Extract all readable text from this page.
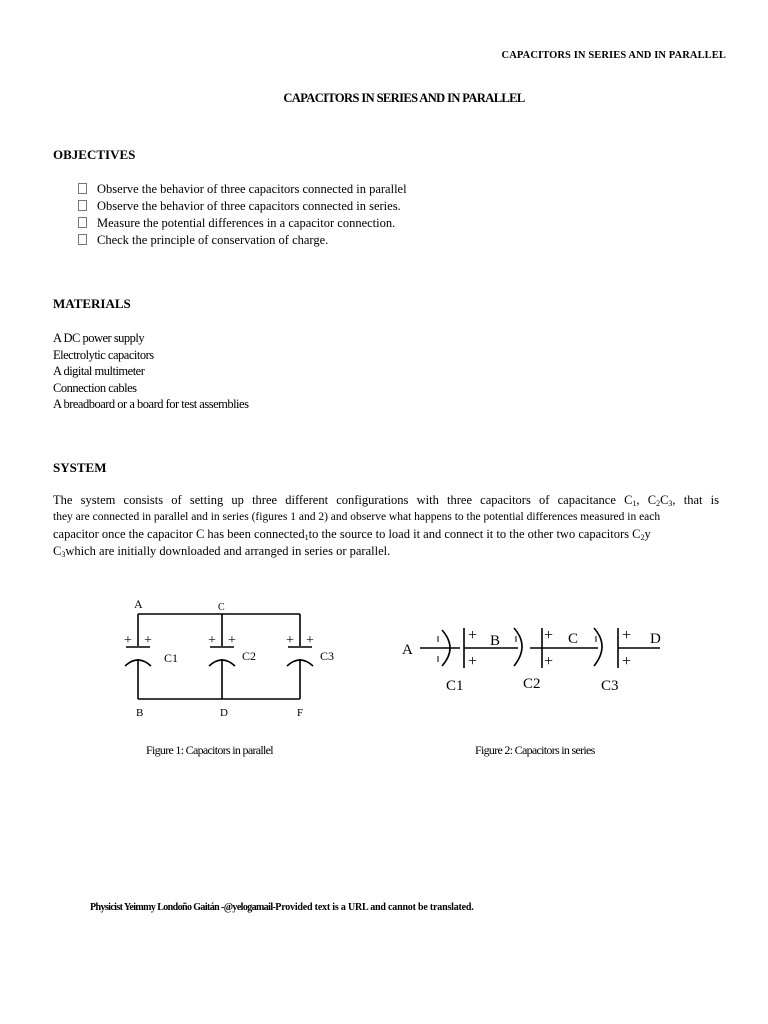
CAPACITORS IN SERIES AND IN PARALLEL
CAPACITORS IN SERIES AND IN PARALLEL
OBJECTIVES
Observe the behavior of three capacitors connected in parallel
Observe the behavior of three capacitors connected in series.
Measure the potential differences in a capacitor connection.
Check the principle of conservation of charge.
MATERIALS
A DC power supply
Electrolytic capacitors
A digital multimeter
Connection cables
A breadboard or a board for test assemblies
SYSTEM
The system consists of setting up three different configurations with three capacitors of capacitance $C_1$, $C_2C_3$, that is
they are connected in parallel and in series (figures 1 and 2) and observe what happens to the potential differences measured in each
capacitor once the capacitor C has been connected$_1$to the source to load it and connect it to the other two capacitors $C_2y$
$C_3which$ are initially downloaded and arranged in series or parallel.
A	C
B	D	F
+ +	+ +	+ +
C1	C2	C3
Figure 1: Capacitors in parallel
A
B	C	D
+
+
+
+
+
+
C1	C2	C3
Figure 2: Capacitors in series
Physicist Yeimmy Londoño Gaitán -@yelogamail-Provided text is a URL and cannot be translated.
